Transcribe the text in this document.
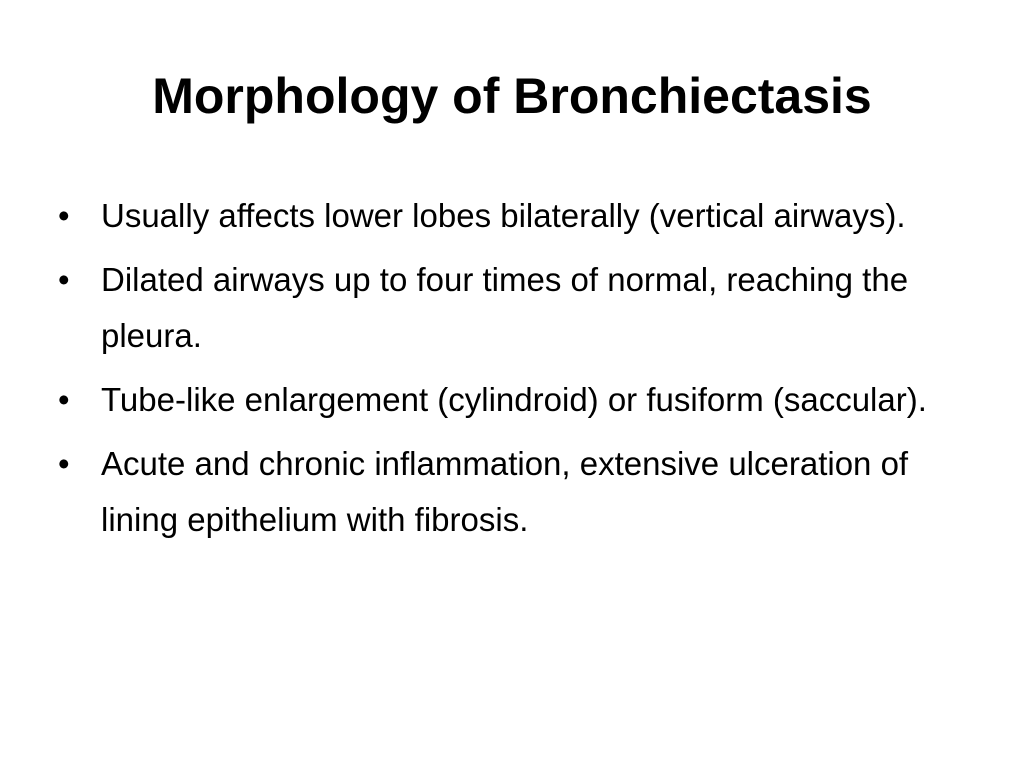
Morphology of Bronchiectasis
• Usually affects lower lobes bilaterally (vertical airways).
• Dilated airways up to four times of normal, reaching the pleura.
• Tube-like enlargement (cylindroid) or fusiform (saccular).
• Acute and chronic inflammation, extensive ulceration of lining epithelium with fibrosis.
